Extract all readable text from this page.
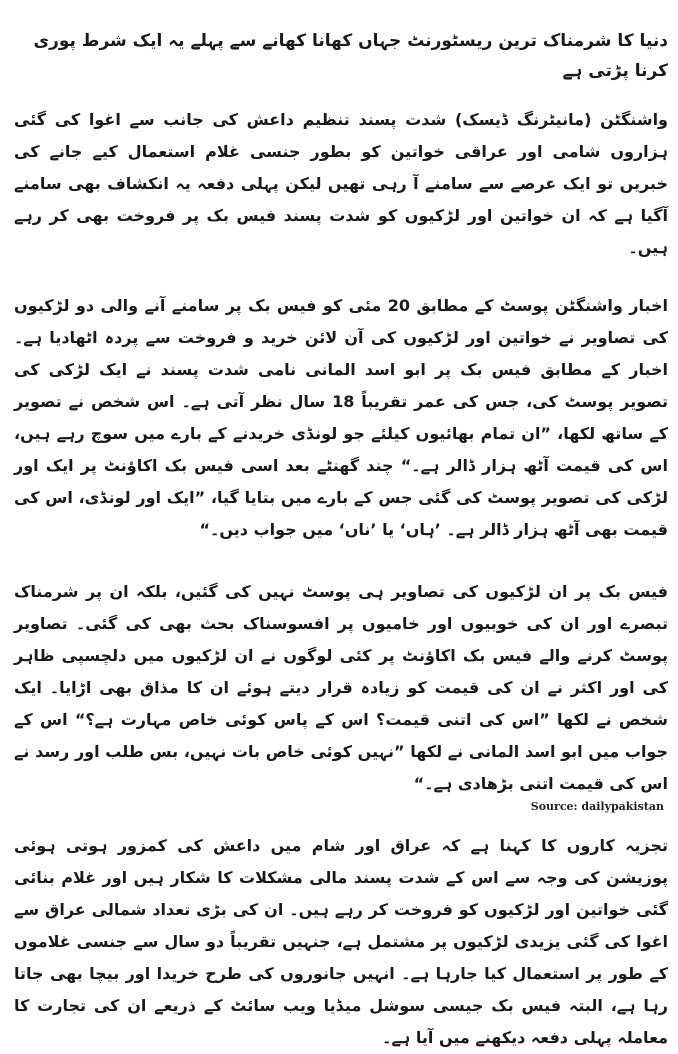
دنیا کا شرمناک ترین ریسٹورنٹ جہاں کھانا کھانے سے پہلے یہ ایک شرط پوری کرنا پڑتی ہے

واشنگٹن (مانیٹرنگ ڈیسک) شدت پسند تنظیم داعش کی جانب سے اغوا کی گئی ہزاروں شامی اور عراقی خواتین کو بطور جنسی غلام استعمال کیے جانے کی خبریں تو ایک عرصے سے سامنے آ رہی تھیں لیکن پہلی دفعہ یہ انکشاف بھی سامنے آگیا ہے کہ ان خواتین اور لڑکیوں کو شدت پسند فیس بک پر فروخت بھی کر رہے ہیں۔

اخبار واشنگٹن پوسٹ کے مطابق 20 مئی کو فیس بک پر سامنے آنے والی دو لڑکیوں کی تصاویر نے خواتین اور لڑکیوں کی آن لائن خرید و فروخت سے پردہ اٹھادیا ہے۔ اخبار کے مطابق فیس بک پر ابو اسد المانی نامی شدت پسند نے ایک لڑکی کی تصویر پوسٹ کی، جس کی عمر تقریباً 18 سال نظر آتی ہے۔ اس شخص نے تصویر کے ساتھ لکھا، ”ان تمام بھائیوں کیلئے جو لونڈی خریدنے کے بارے میں سوچ رہے ہیں، اس کی قیمت آٹھ ہزار ڈالر ہے۔“ چند گھنٹے بعد اسی فیس بک اکاﺅنٹ پر ایک اور لڑکی کی تصویر پوسٹ کی گئی جس کے بارے میں بتایا گیا، ”ایک اور لونڈی، اس کی قیمت بھی آٹھ ہزار ڈالر ہے۔ ’ہاں‘ یا ’ناں‘ میں جواب دیں۔“

فیس بک پر ان لڑکیوں کی تصاویر ہی پوسٹ نہیں کی گئیں، بلکہ ان پر شرمناک تبصرے اور ان کی خوبیوں اور خامیوں پر افسوسناک بحث بھی کی گئی۔ تصاویر پوسٹ کرنے والے فیس بک اکاﺅنٹ پر کئی لوگوں نے ان لڑکیوں میں دلچسپی ظاہر کی اور اکثر نے ان کی قیمت کو زیادہ قرار دیتے ہوئے ان کا مذاق بھی اڑایا۔ ایک شخص نے لکھا ”اس کی اتنی قیمت؟ اس کے پاس کوئی خاص مہارت ہے؟“ اس کے جواب میں ابو اسد المانی نے لکھا ”نہیں کوئی خاص بات نہیں، بس طلب اور رسد نے اس کی قیمت اتنی بڑھادی ہے۔“

تجزیہ کاروں کا کہنا ہے کہ عراق اور شام میں داعش کی کمزور ہوتی ہوئی پوزیشن کی وجہ سے اس کے شدت پسند مالی مشکلات کا شکار ہیں اور غلام بنائی گئی خواتین اور لڑکیوں کو فروخت کر رہے ہیں۔ ان کی بڑی تعداد شمالی عراق سے اغوا کی گئی یزیدی لڑکیوں پر مشتمل ہے، جنہیں تقریباً دو سال سے جنسی غلاموں کے طور پر استعمال کیا جارہا ہے۔ انہیں جانوروں کی طرح خریدا اور بیچا بھی جاتا رہا ہے، البتہ فیس بک جیسی سوشل میڈیا ویب سائٹ کے ذریعے ان کی تجارت کا معاملہ پہلی دفعہ دیکھنے میں آیا ہے۔

Source: dailypakistan
